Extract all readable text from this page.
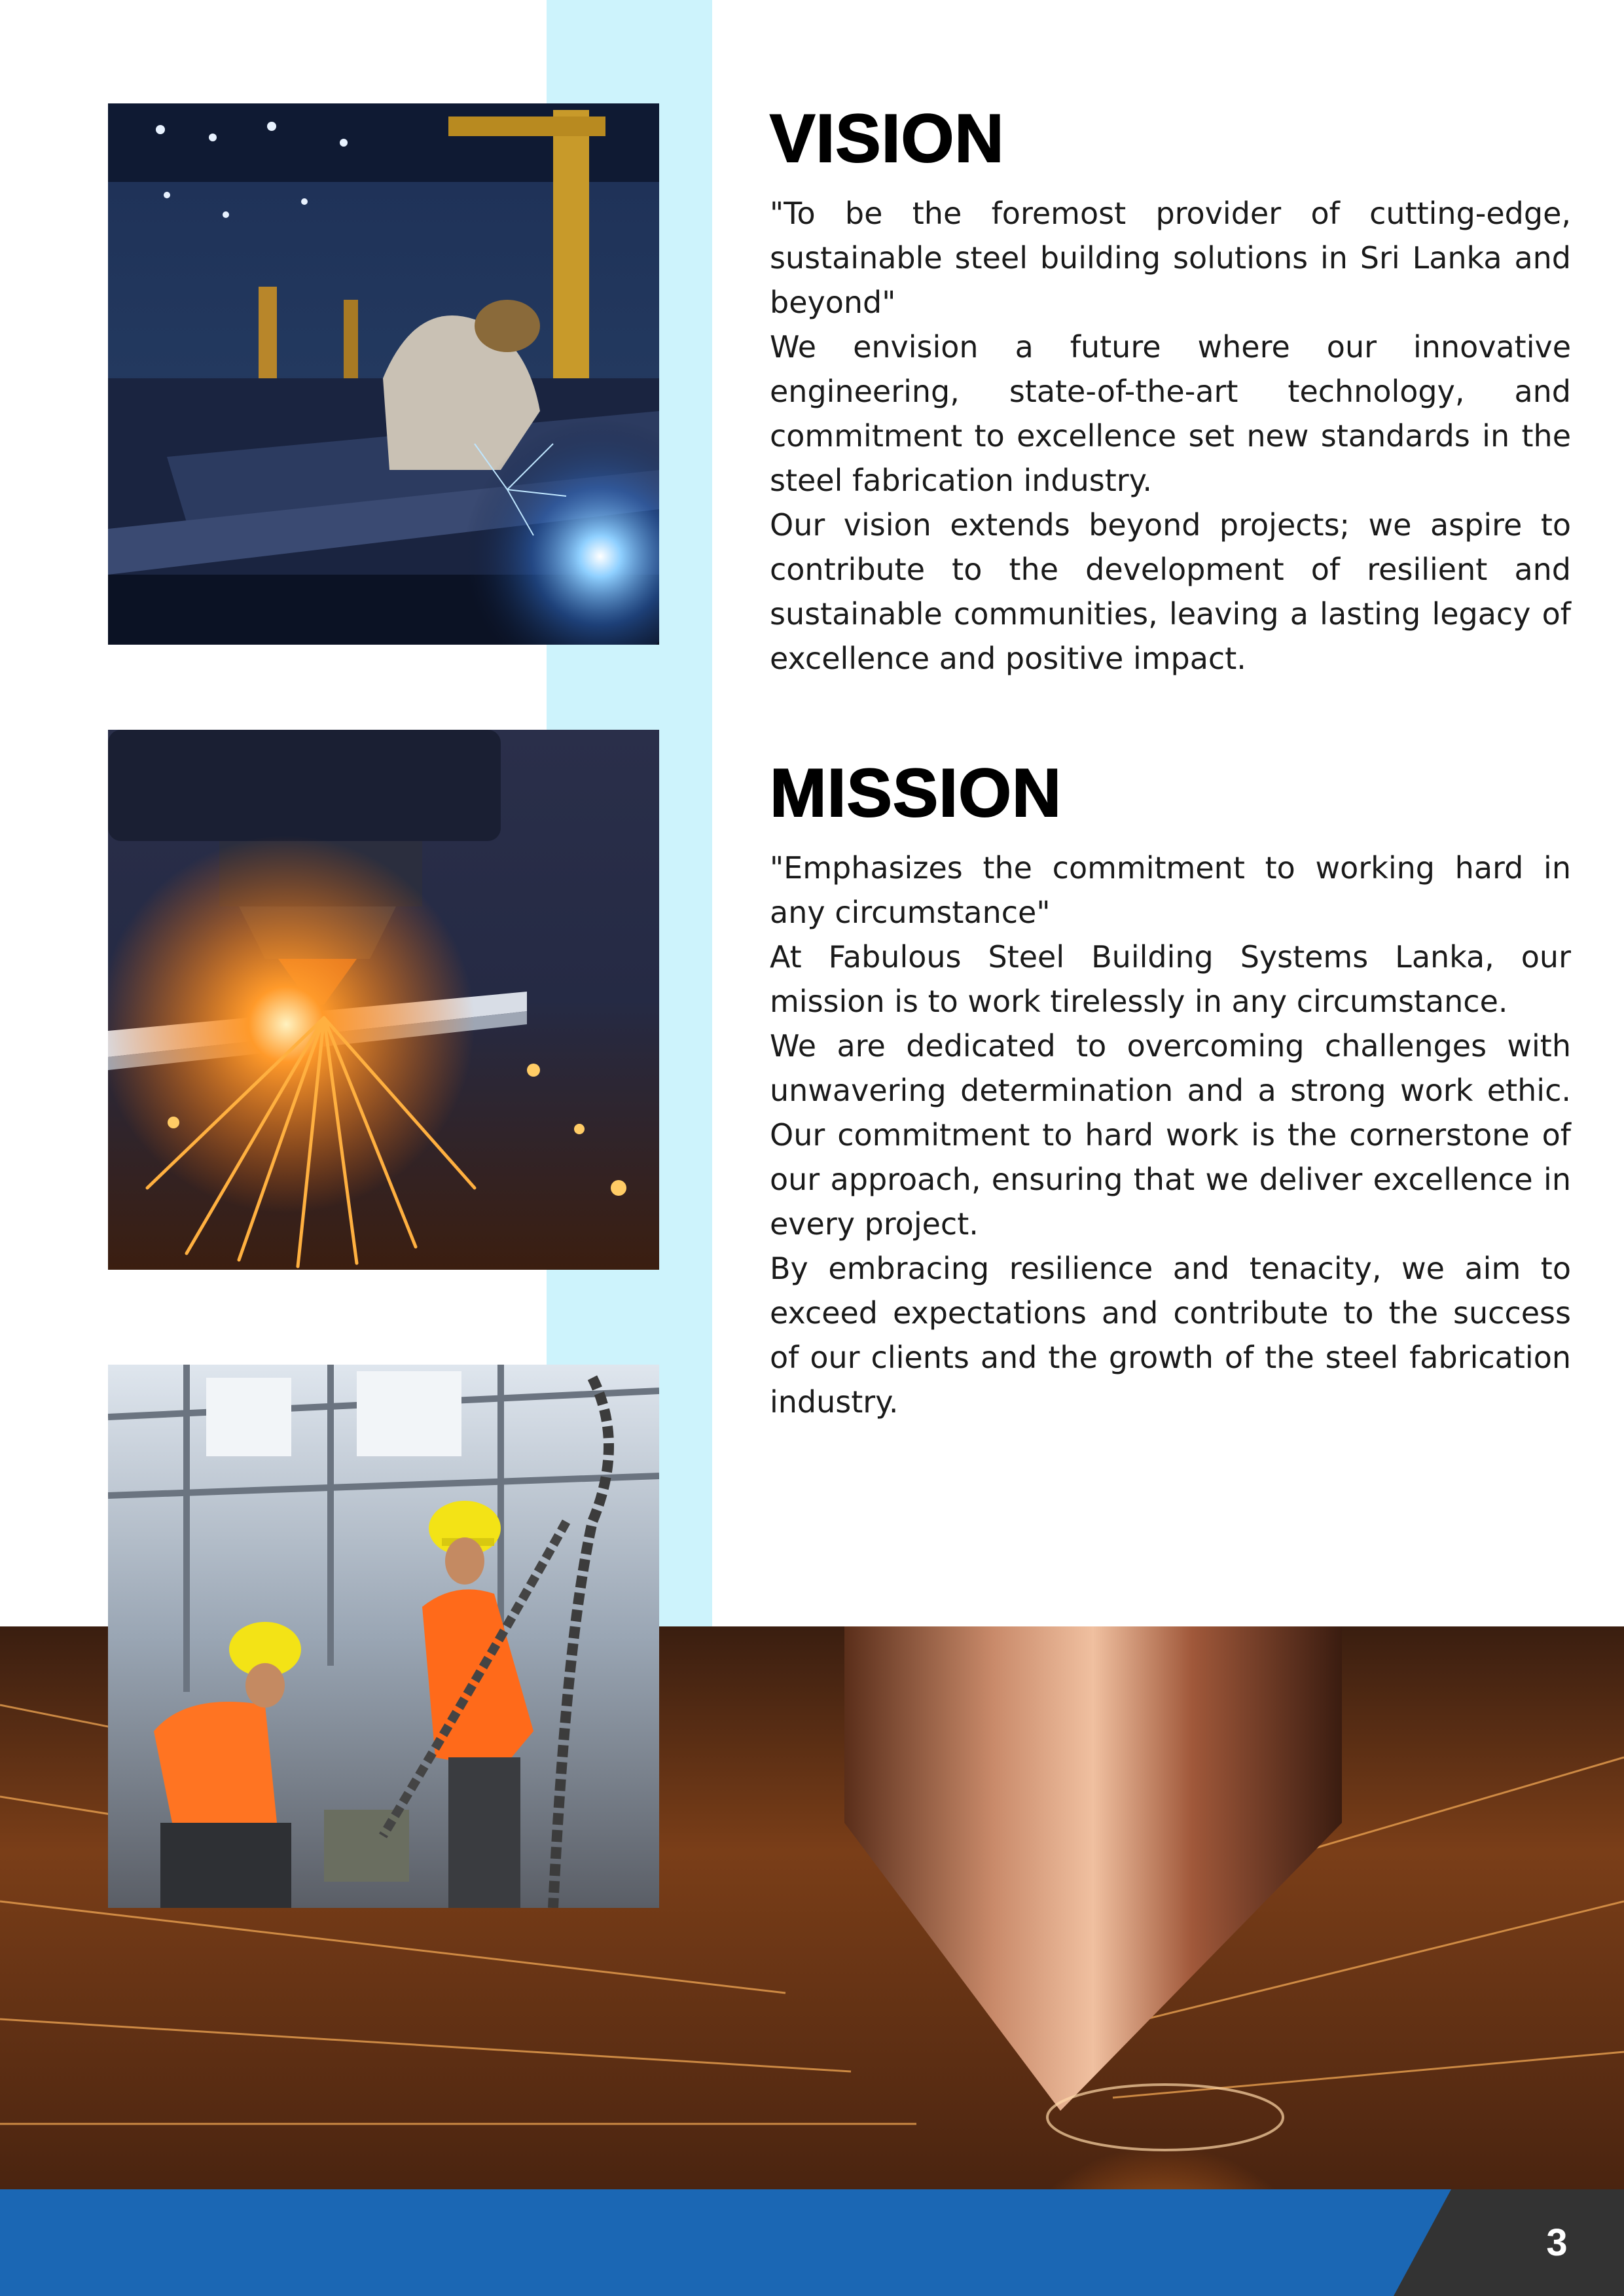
VISION

"To be the foremost provider of cutting-edge, sustainable steel building solutions in Sri Lanka and beyond"

We envision a future where our innovative engineering, state-of-the-art technology, and commitment to excellence set new standards in the steel fabrication industry.

Our vision extends beyond projects; we aspire to contribute to the development of resilient and sustainable communities, leaving a lasting legacy of excellence and positive impact.

MISSION

"Emphasizes the commitment to working hard in any circumstance"

At Fabulous Steel Building Systems Lanka, our mission is to work tirelessly in any circumstance.

We are dedicated to overcoming challenges with unwavering determination and a strong work ethic. Our commitment to hard work is the cornerstone of our approach, ensuring that we deliver excellence in every project.

By embracing resilience and tenacity, we aim to exceed expectations and contribute to the success of our clients and the growth of the steel fabrication industry.

3
